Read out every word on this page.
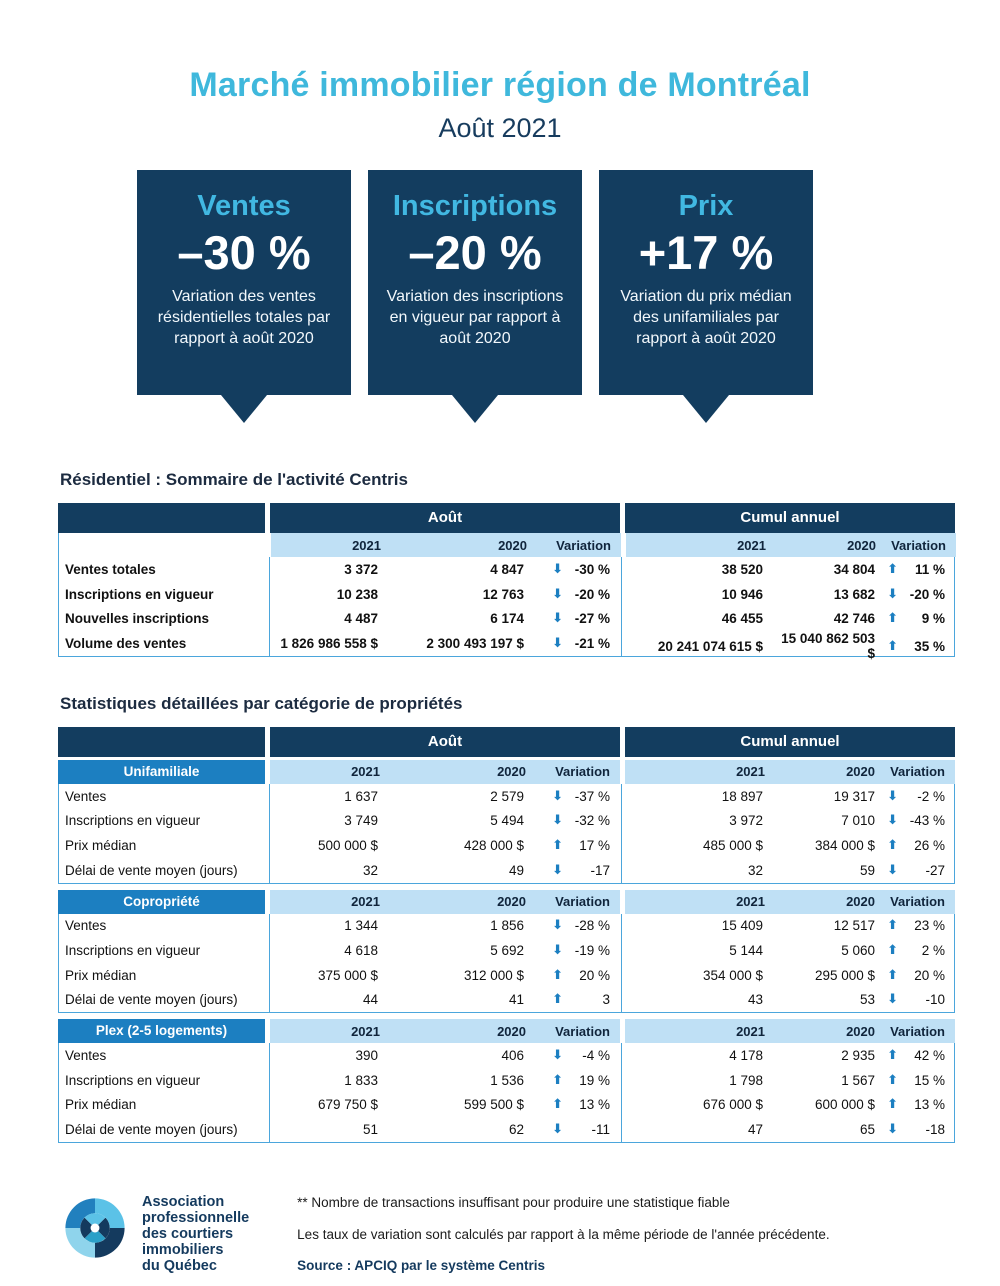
Marché immobilier région de Montréal
Août 2021
Ventes
–30 %
Variation des ventes résidentielles totales par rapport à août 2020
Inscriptions
–20 %
Variation des inscriptions en vigueur par rapport à août 2020
Prix
+17 %
Variation du prix médian des unifamiliales par rapport à août 2020
Résidentiel : Sommaire de l'activité Centris
Août	Cumul annuel
2021	2020	Variation	2021	2020	Variation
Ventes totales	3 372	4 847	⬇ -30 %	38 520	34 804 ⬆	11 %
Inscriptions en vigueur	10 238	12 763	⬇ -20 %	10 946	13 682 ⬇ -20 %
Nouvelles inscriptions	4 487	6 174	⬇ -27 %	46 455	42 746 ⬆	9 %
Volume des ventes	1 826 986 558 $	2 300 493 197 $	⬇ -21 %	20 241 074 615 $	15 040 862 503 $ ⬆	35 %
Statistiques détaillées par catégorie de propriétés
Août	Cumul annuel
Unifamiliale	2021	2020	Variation	2021	2020	Variation
Ventes	1 637	2 579	⬇ -37 %	18 897	19 317 ⬇	-2 %
Inscriptions en vigueur	3 749	5 494	⬇ -32 %	3 972	7 010 ⬇ -43 %
Prix médian	500 000 $	428 000 $	⬆	17 %	485 000 $	384 000 $ ⬆	26 %
Délai de vente moyen (jours)	32	49	⬇	-17	32	59 ⬇	-27
Copropriété	2021	2020	Variation	2021	2020	Variation
Ventes	1 344	1 856	⬇ -28 %	15 409	12 517 ⬆	23 %
Inscriptions en vigueur	4 618	5 692	⬇ -19 %	5 144	5 060 ⬆	2 %
Prix médian	375 000 $	312 000 $	⬆	20 %	354 000 $	295 000 $ ⬆	20 %
Délai de vente moyen (jours)	44	41	⬆	3	43	53 ⬇	-10
Plex (2-5 logements)	2021	2020	Variation	2021	2020	Variation
Ventes	390	406	⬇	-4 %	4 178	2 935 ⬆	42 %
Inscriptions en vigueur	1 833	1 536	⬆	19 %	1 798	1 567 ⬆	15 %
Prix médian	679 750 $	599 500 $	⬆	13 %	676 000 $	600 000 $ ⬆	13 %
Délai de vente moyen (jours)	51	62	⬇	-11	47	65 ⬇	-18
Association
professionnelle
des courtiers
immobiliers
du Québec
** Nombre de transactions insuffisant pour produire une statistique fiable
Les taux de variation sont calculés par rapport à la même période de l'année précédente.
Source : APCIQ par le système Centris
